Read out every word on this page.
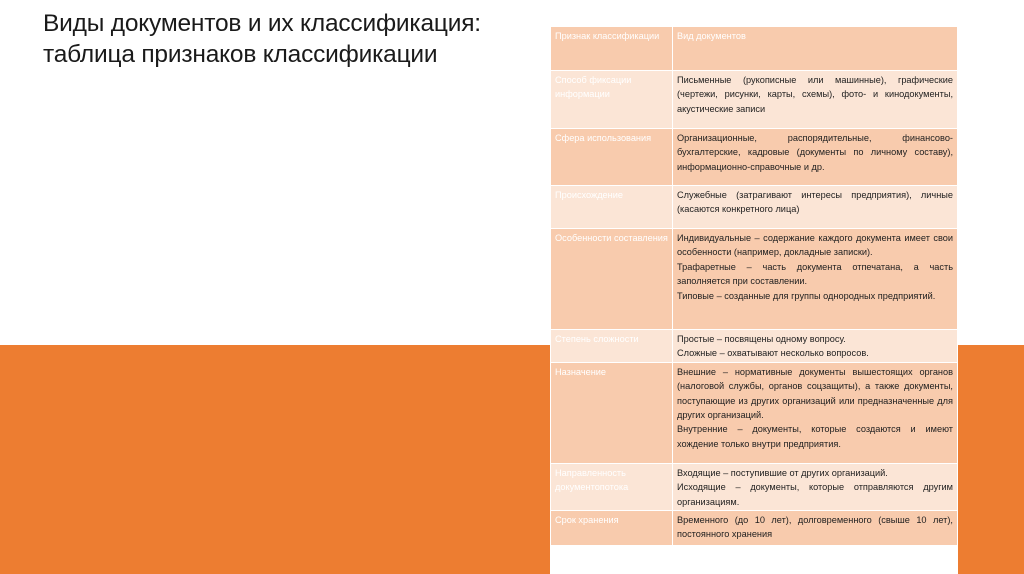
Виды документов и их классификация: таблица признаков классификации
Признак классификации	Вид документов
Способ фиксации информации	Письменные (рукописные или машинные), графические (чертежи, рисунки, карты, схемы), фото- и кинодокументы, акустические записи

Сфера использования	Организационные, распорядительные, финансово-бухгалтерские, кадровые (документы по личному составу), информационно-справочные и др.

Происхождение	Служебные (затрагивают интересы предприятия), личные (касаются конкретного лица)

Особенности составления	Индивидуальные – содержание каждого документа имеет свои особенности (например, докладные записки).

Трафаретные – часть документа отпечатана, а часть заполняется при составлении.

Типовые – созданные для группы однородных предприятий.

Степень сложности	Простые – посвящены одному вопросу.

Сложные – охватывают несколько вопросов.

Назначение	Внешние – нормативные документы вышестоящих органов (налоговой службы, органов соцзащиты), а также документы, поступающие из других организаций или предназначенные для других организаций.

Внутренние – документы, которые создаются и имеют хождение только внутри предприятия.

Направленность документопотока	Входящие – поступившие от других организаций.

Исходящие – документы, которые отправляются другим организациям.

Срок хранения	Временного (до 10 лет), долговременного (свыше 10 лет), постоянного хранения
